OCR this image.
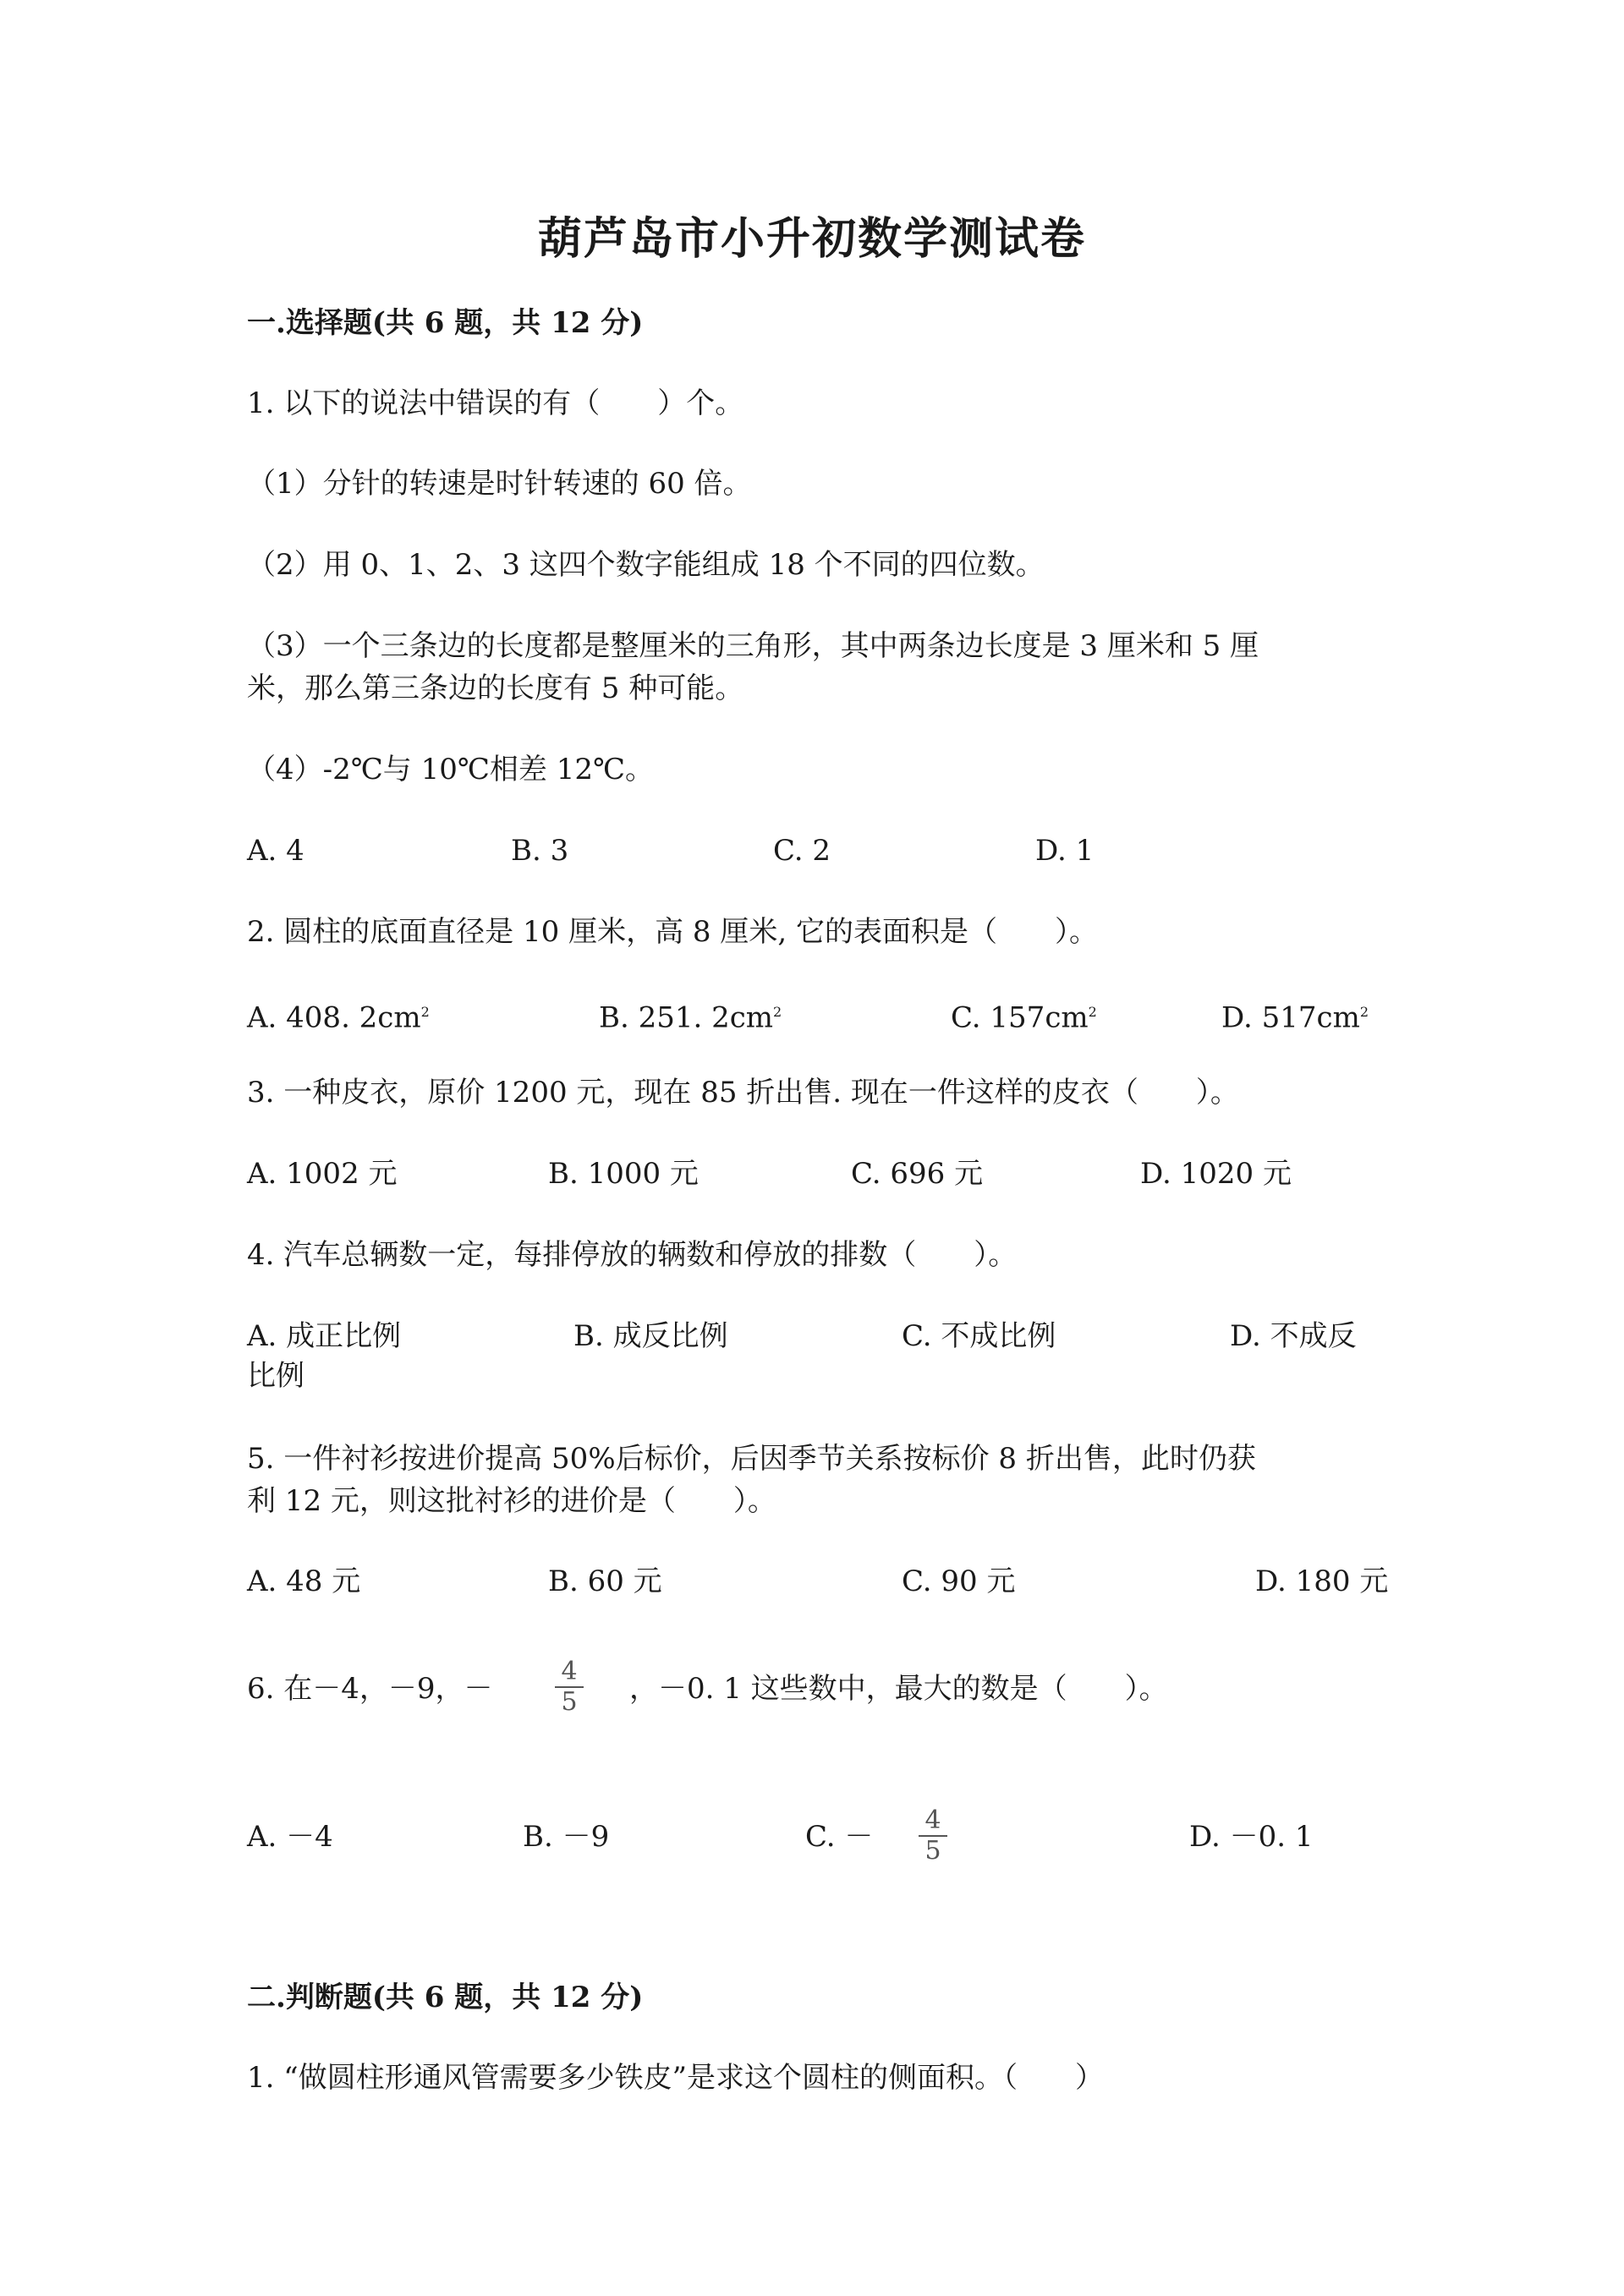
葫芦岛市小升初数学测试卷
一.选择题(共 6 题，共 12 分)
1. 以下的说法中错误的有（　　）个。
（1）分针的转速是时针转速的 60 倍。
（2）用 0、1、2、3 这四个数字能组成 18 个不同的四位数。
（3）一个三条边的长度都是整厘米的三角形，其中两条边长度是 3 厘米和 5 厘
米，那么第三条边的长度有 5 种可能。
（4）-2℃与 10℃相差 12℃。
A. 4	B. 3	C. 2	D. 1
2. 圆柱的底面直径是 10 厘米，高 8 厘米, 它的表面积是（　　）。
A. 408. $2cm^2$	B. 251. $2cm^2$	C. $157cm^2$	D. $517cm^2$
3. 一种皮衣，原价 1200 元，现在 85 折出售. 现在一件这样的皮衣（　　）。
A. 1002 元	B. 1000 元	C. 696 元	D. 1020 元
4. 汽车总辆数一定，每排停放的辆数和停放的排数（　　）。
A. 成正比例	B. 成反比例	C. 不成比例	D. 不成反
比例
5. 一件衬衫按进价提高 50%后标价，后因季节关系按标价 8 折出售，此时仍获
利 12 元，则这批衬衫的进价是（　　）。
A. 48 元	B. 60 元	C. 90 元	D. 180 元
6. 在－4，－9，－ $\frac{4}{5}$ ，－0. 1 这些数中，最大的数是（　　）。
A. －4	B. －9	C. － $\frac{4}{5}$	D. －0. 1
二.判断题(共 6 题，共 12 分)
1. “做圆柱形通风管需要多少铁皮”是求这个圆柱的侧面积。（　　）
